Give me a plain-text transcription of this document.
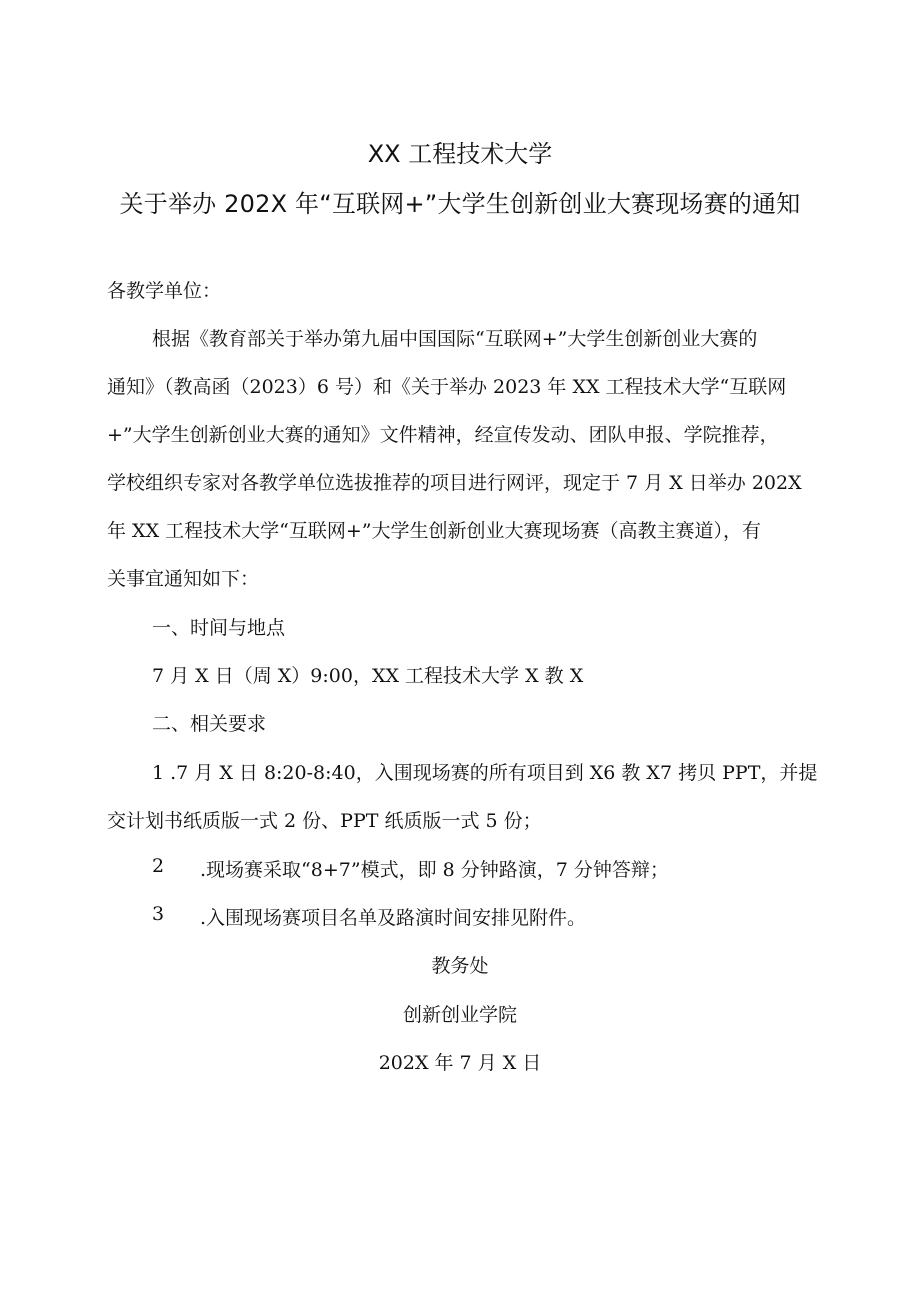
XX 工程技术大学
关于举办 202X 年“互联网+”大学生创新创业大赛现场赛的通知
各教学单位：
根据《教育部关于举办第九届中国国际“互联网+”大学生创新创业大赛的
通知》（教高函（2023）6 号）和《关于举办 2023 年 XX 工程技术大学“互联网
+”大学生创新创业大赛的通知》文件精神，经宣传发动、团队申报、学院推荐，
学校组织专家对各教学单位选拔推荐的项目进行网评，现定于 7 月 X 日举办 202X
年 XX 工程技术大学“互联网+”大学生创新创业大赛现场赛（高教主赛道），有
关事宜通知如下：
一、时间与地点
7 月 X 日（周 X）9:00，XX 工程技术大学 X 教 X
二、相关要求
1 .7 月 X 日 8:20-8:40，入围现场赛的所有项目到 X6 教 X7 拷贝 PPT，并提
交计划书纸质版一式 2 份、PPT 纸质版一式 5 份；
2 .现场赛采取“8+7”模式，即 8 分钟路演，7 分钟答辩；
3 .入围现场赛项目名单及路演时间安排见附件。
教务处
创新创业学院
202X 年 7 月 X 日
